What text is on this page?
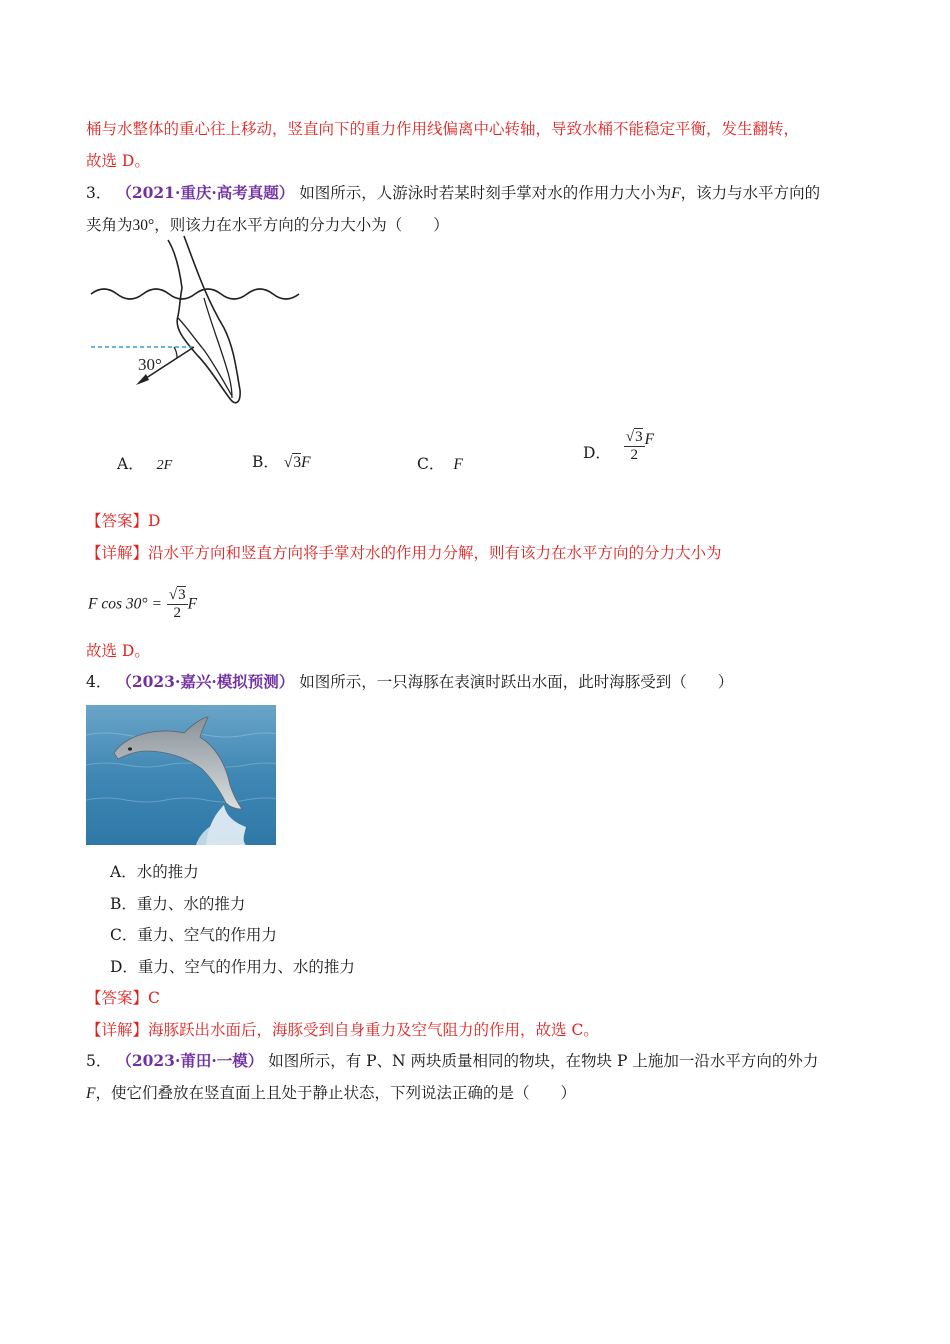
桶与水整体的重心往上移动，竖直向下的重力作用线偏离中心转轴，导致水桶不能稳定平衡，发生翻转，
故选 D。
3． （2021·重庆·高考真题） 如图所示，人游泳时若某时刻手掌对水的作用力大小为F，该力与水平方向的
夹角为30°，则该力在水平方向的分力大小为（　　）
30°
A． 2F	B． √3F	C． F
D． $\frac{√3}{2}$ F
【答案】D
【详解】沿水平方向和竖直方向将手掌对水的作用力分解，则有该力在水平方向的分力大小为
F $\cos 30^\circ = \frac{√3}{2}$ F
故选 D。
4． （2023·嘉兴·模拟预测） 如图所示，一只海豚在表演时跃出水面，此时海豚受到（　　）
A．水的推力
B．重力、水的推力
C．重力、空气的作用力
D．重力、空气的作用力、水的推力
【答案】C
【详解】海豚跃出水面后，海豚受到自身重力及空气阻力的作用，故选 C。
5． （2023·莆田·一模） 如图所示，有 P、N 两块质量相同的物块，在物块 P 上施加一沿水平方向的外力
F，使它们叠放在竖直面上且处于静止状态，下列说法正确的是（　　）
